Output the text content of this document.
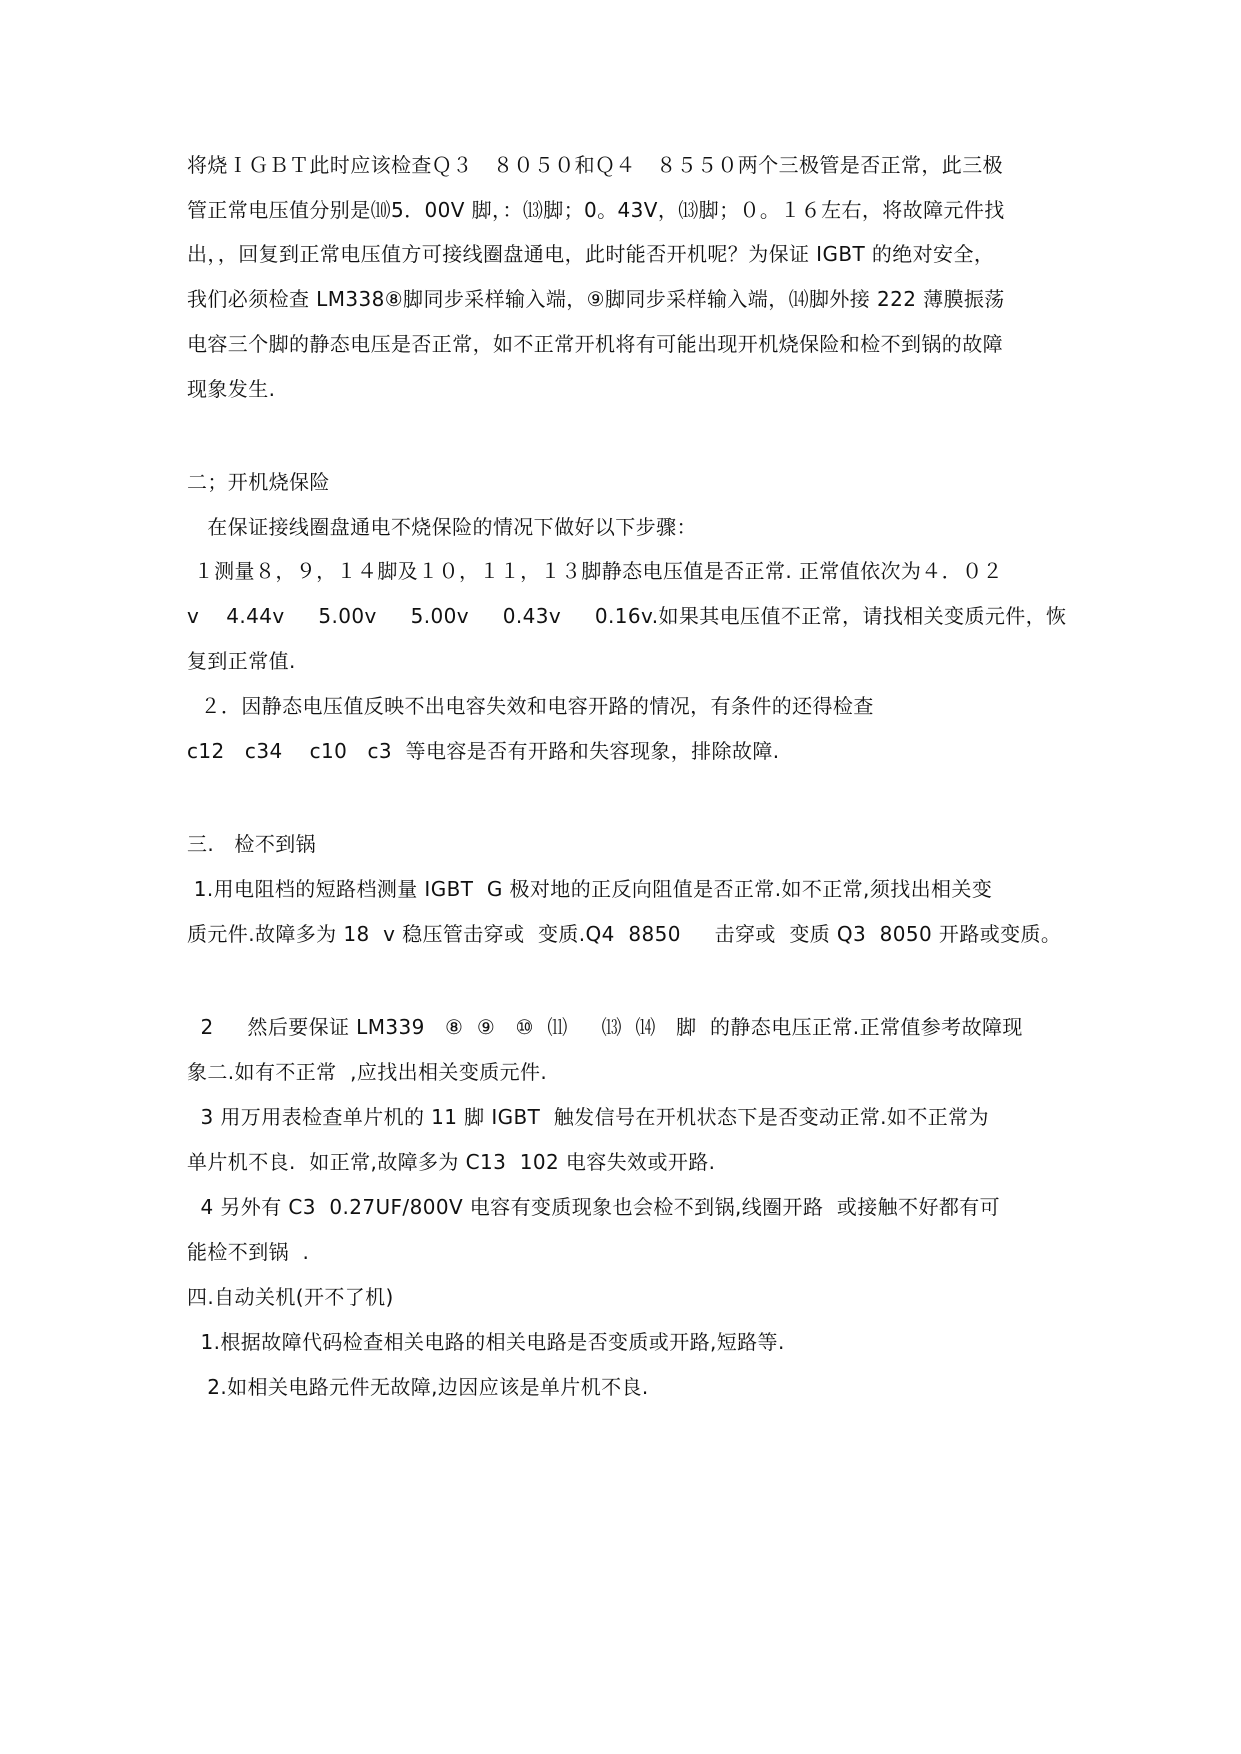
将烧ＩＧＢＴ此时应该检查Ｑ３　８０５０和Ｑ４　８５５０两个三极管是否正常，此三极
管正常电压值分别是⑽5．00V 脚，：⒀脚；0。43V，⒀脚；０。１６左右，将故障元件找
出，，回复到正常电压值方可接线圈盘通电，此时能否开机呢？为保证 IGBT 的绝对安全，
我们必须检查 LM338⑧脚同步采样输入端，⑨脚同步采样输入端，⒁脚外接 222 薄膜振荡
电容三个脚的静态电压是否正常，如不正常开机将有可能出现开机烧保险和检不到锅的故障
现象发生.
二；开机烧保险
在保证接线圈盘通电不烧保险的情况下做好以下步骤：
１测量８，９，１４脚及１０，１１，１３脚静态电压值是否正常. 正常值依次为４．０２
v    4.44v     5.00v     5.00v     0.43v     0.16v.如果其电压值不正常，请找相关变质元件，恢
复到正常值.
２．因静态电压值反映不出电容失效和电容开路的情况，有条件的还得检查
c12   c34    c10   c3  等电容是否有开路和失容现象，排除故障.
三.   检不到锅
1.用电阻档的短路档测量 IGBT  G 极对地的正反向阻值是否正常.如不正常,须找出相关变
质元件.故障多为 18  v 稳压管击穿或  变质.Q4  8850     击穿或  变质 Q3  8050 开路或变质。
2     然后要保证 LM339   ⑧  ⑨   ⑩  ⑾     ⒀  ⒁   脚  的静态电压正常.正常值参考故障现
象二.如有不正常  ,应找出相关变质元件.
3 用万用表检查单片机的 11 脚 IGBT  触发信号在开机状态下是否变动正常.如不正常为
单片机不良.  如正常,故障多为 C13  102 电容失效或开路.
4 另外有 C3  0.27UF/800V 电容有变质现象也会检不到锅,线圈开路  或接触不好都有可
能检不到锅  .
四.自动关机(开不了机)
1.根据故障代码检查相关电路的相关电路是否变质或开路,短路等.
2.如相关电路元件无故障,边因应该是单片机不良.
